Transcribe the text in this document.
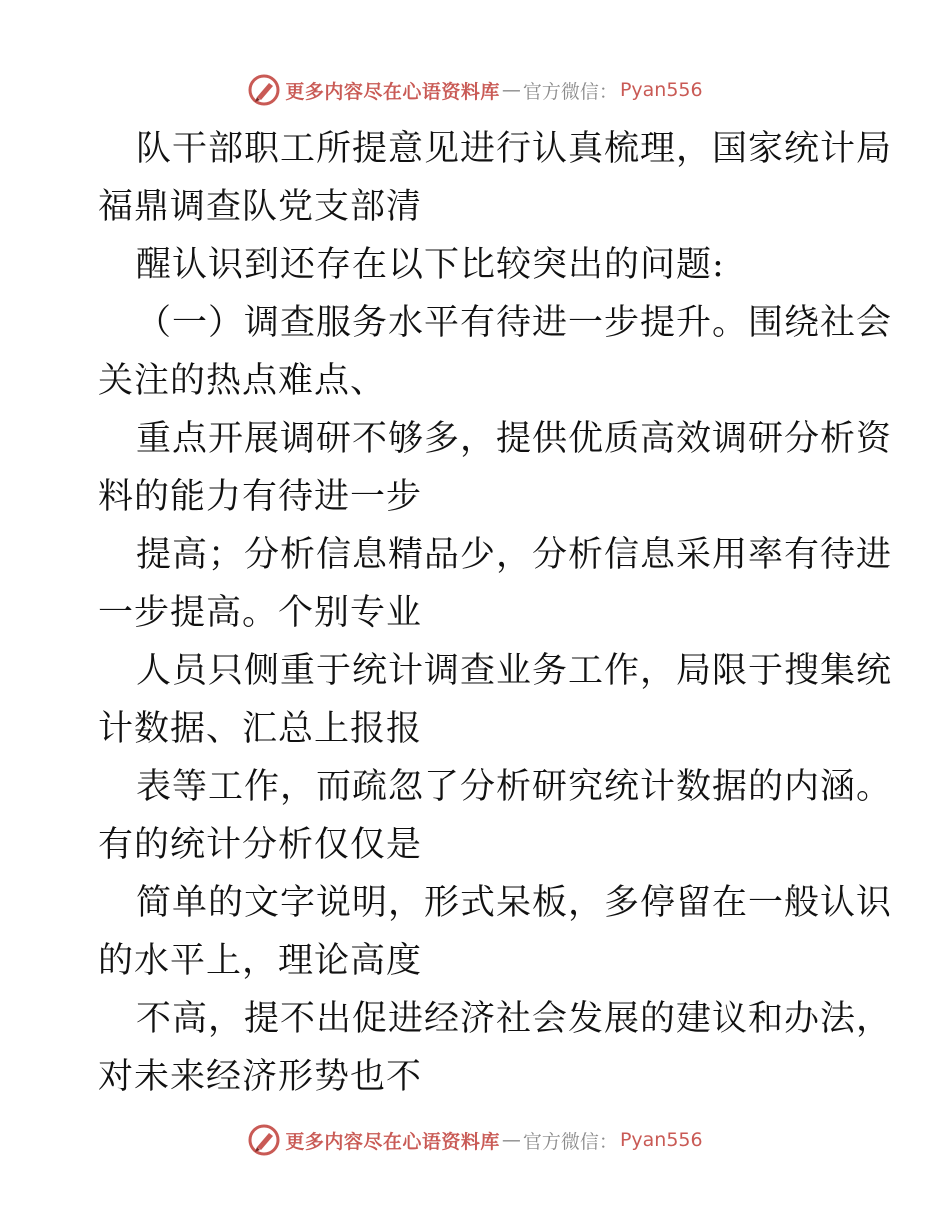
更多内容尽在心语资料库 — 官方微信： Pyan556
队干部职工所提意见进行认真梳理，国家统计局
福鼎调查队党支部清
醒认识到还存在以下比较突出的问题:
（一）调查服务水平有待进一步提升。围绕社会
关注的热点难点、
重点开展调研不够多，提供优质高效调研分析资
料的能力有待进一步
提高；分析信息精品少，分析信息采用率有待进
一步提高。个别专业
人员只侧重于统计调查业务工作，局限于搜集统
计数据、汇总上报报
表等工作，而疏忽了分析研究统计数据的内涵。
有的统计分析仅仅是
简单的文字说明，形式呆板，多停留在一般认识
的水平上，理论高度
不高，提不出促进经济社会发展的建议和办法，
对未来经济形势也不
更多内容尽在心语资料库 — 官方微信： Pyan556
